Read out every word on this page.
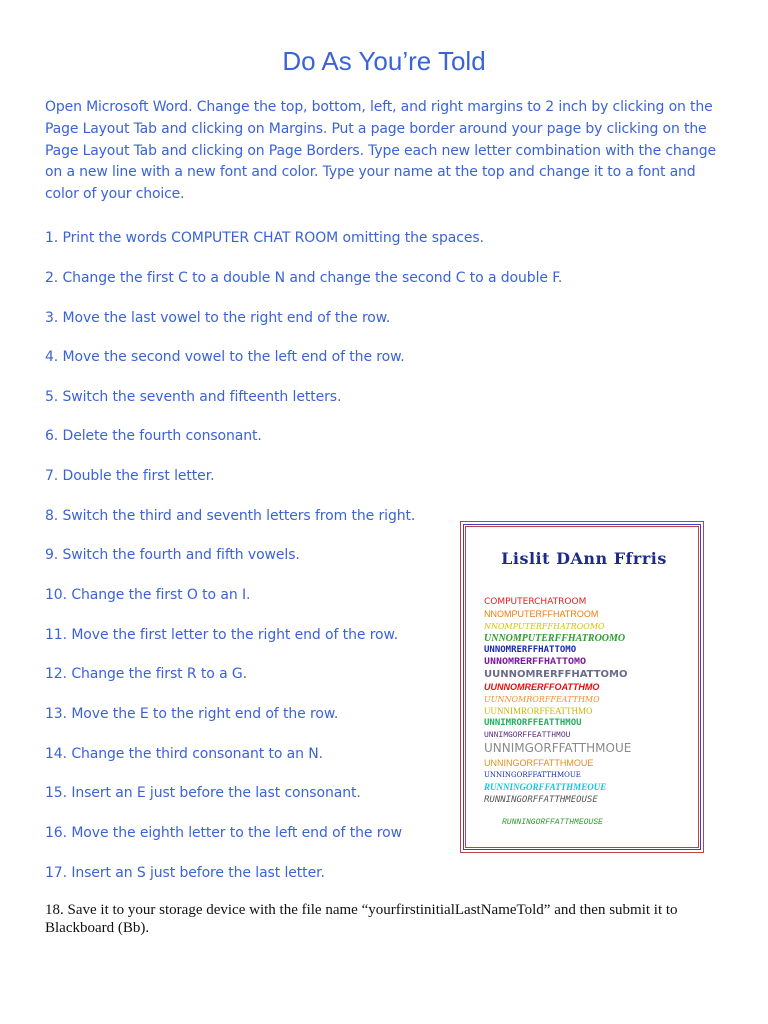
Do As You’re Told

Open Microsoft Word. Change the top, bottom, left, and right margins to 2 inch by clicking on the Page Layout Tab and clicking on Margins. Put a page border around your page by clicking on the Page Layout Tab and clicking on Page Borders. Type each new letter combination with the change on a new line with a new font and color. Type your name at the top and change it to a font and color of your choice.

1. Print the words COMPUTER CHAT ROOM omitting the spaces.

2. Change the first C to a double N and change the second C to a double F.

3. Move the last vowel to the right end of the row.

4. Move the second vowel to the left end of the row.

5. Switch the seventh and fifteenth letters.

6. Delete the fourth consonant.

7. Double the first letter.

8. Switch the third and seventh letters from the right.

9. Switch the fourth and fifth vowels.

10. Change the first O to an I.

11. Move the first letter to the right end of the row.

12. Change the first R to a G.

13. Move the E to the right end of the row.

14. Change the third consonant to an N.

15. Insert an E just before the last consonant.

16. Move the eighth letter to the left end of the row

17. Insert an S just before the last letter.

18. Save it to your storage device with the file name “yourfirstinitialLastNameTold” and then submit it to Blackboard (Bb).

Lislit DAnn Ffrris
COMPUTERCHATROOM
NNOMPUTERFFHATROOM
NNOMPUTERFFHATROOMO
UNNOMPUTERFFHATROOMO
UNNOMRERFFHATTOMO
UNNOMRERFFHATTOMO
UUNNOMRERFFHATTOMO
UUNNOMRERFFOATTHMO
UUNNOMRORFFEATTHMO
UUNNIMRORFFEATTHMO
UNNIMRORFFEATTHMOU
UNNIMGORFFEATTHMOU
UNNIMGORFFATTHMOUE
UNNINGORFFATTHMOUE
UNNINGORFFATTHMOUE
RUNNINGORFFATTHMEOUE
RUNNINGORFFATTHMEOUSE
RUNNINGORFFATTHMEOUSE
